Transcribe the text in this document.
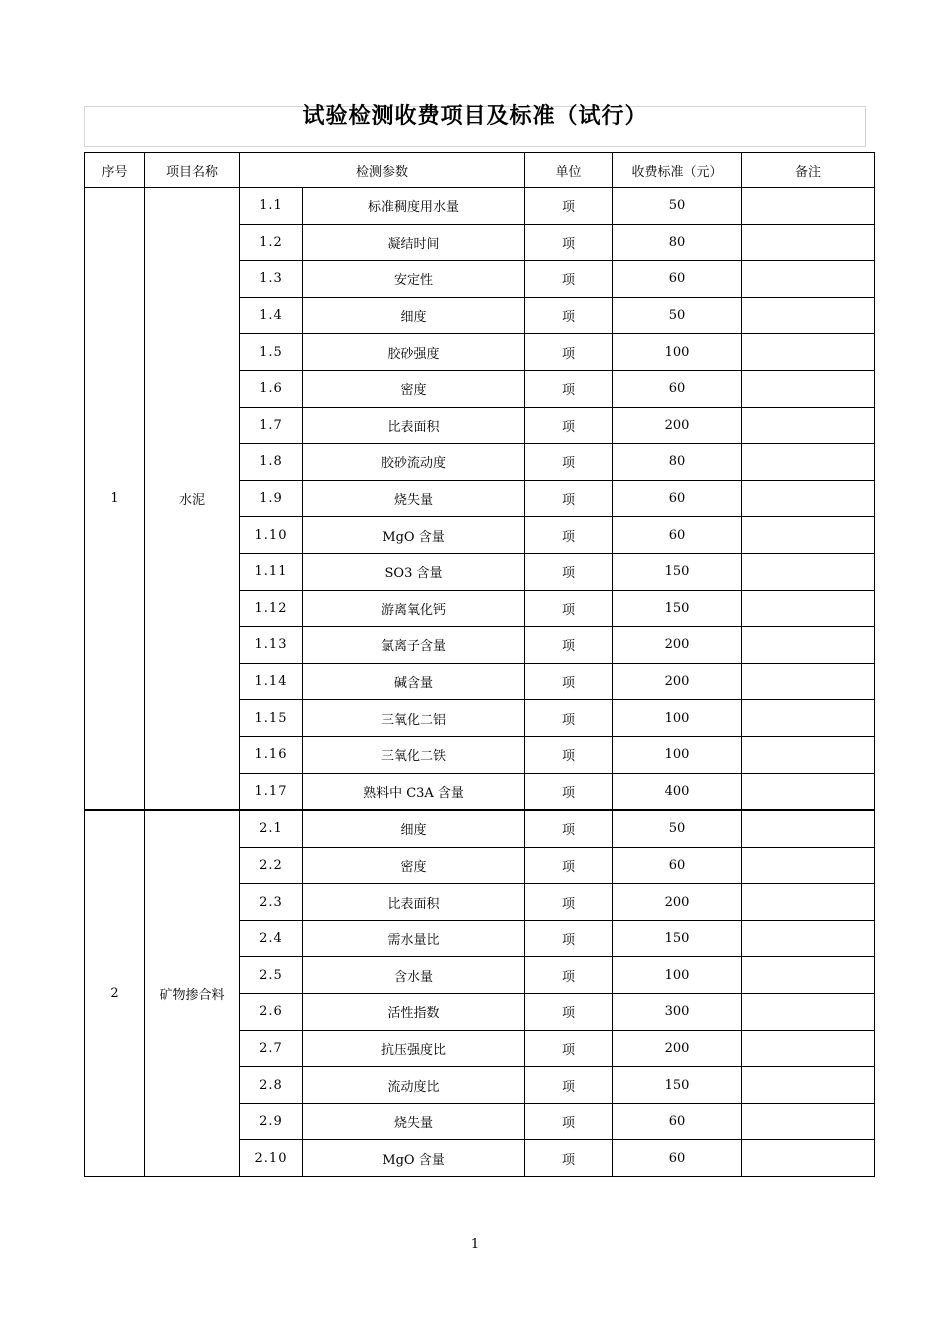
试验检测收费项目及标准（试行）
序号	项目名称	检测参数		单位	收费标准（元）	备注
1	水泥	1.1	标准稠度用水量	项	50	
		1.2	凝结时间	项	80	
		1.3	安定性	项	60	
		1.4	细度	项	50	
		1.5	胶砂强度	项	100	
		1.6	密度	项	60	
		1.7	比表面积	项	200	
		1.8	胶砂流动度	项	80	
		1.9	烧失量	项	60	
		1.10	MgO 含量	项	60	
		1.11	SO3 含量	项	150	
		1.12	游离氧化钙	项	150	
		1.13	氯离子含量	项	200	
		1.14	碱含量	项	200	
		1.15	三氧化二铝	项	100	
		1.16	三氧化二铁	项	100	
		1.17	熟料中 C3A 含量	项	400	
2	矿物掺合料	2.1	细度	项	50	
		2.2	密度	项	60	
		2.3	比表面积	项	200	
		2.4	需水量比	项	150	
		2.5	含水量	项	100	
		2.6	活性指数	项	300	
		2.7	抗压强度比	项	200	
		2.8	流动度比	项	150	
		2.9	烧失量	项	60	
		2.10	MgO 含量	项	60	
1
